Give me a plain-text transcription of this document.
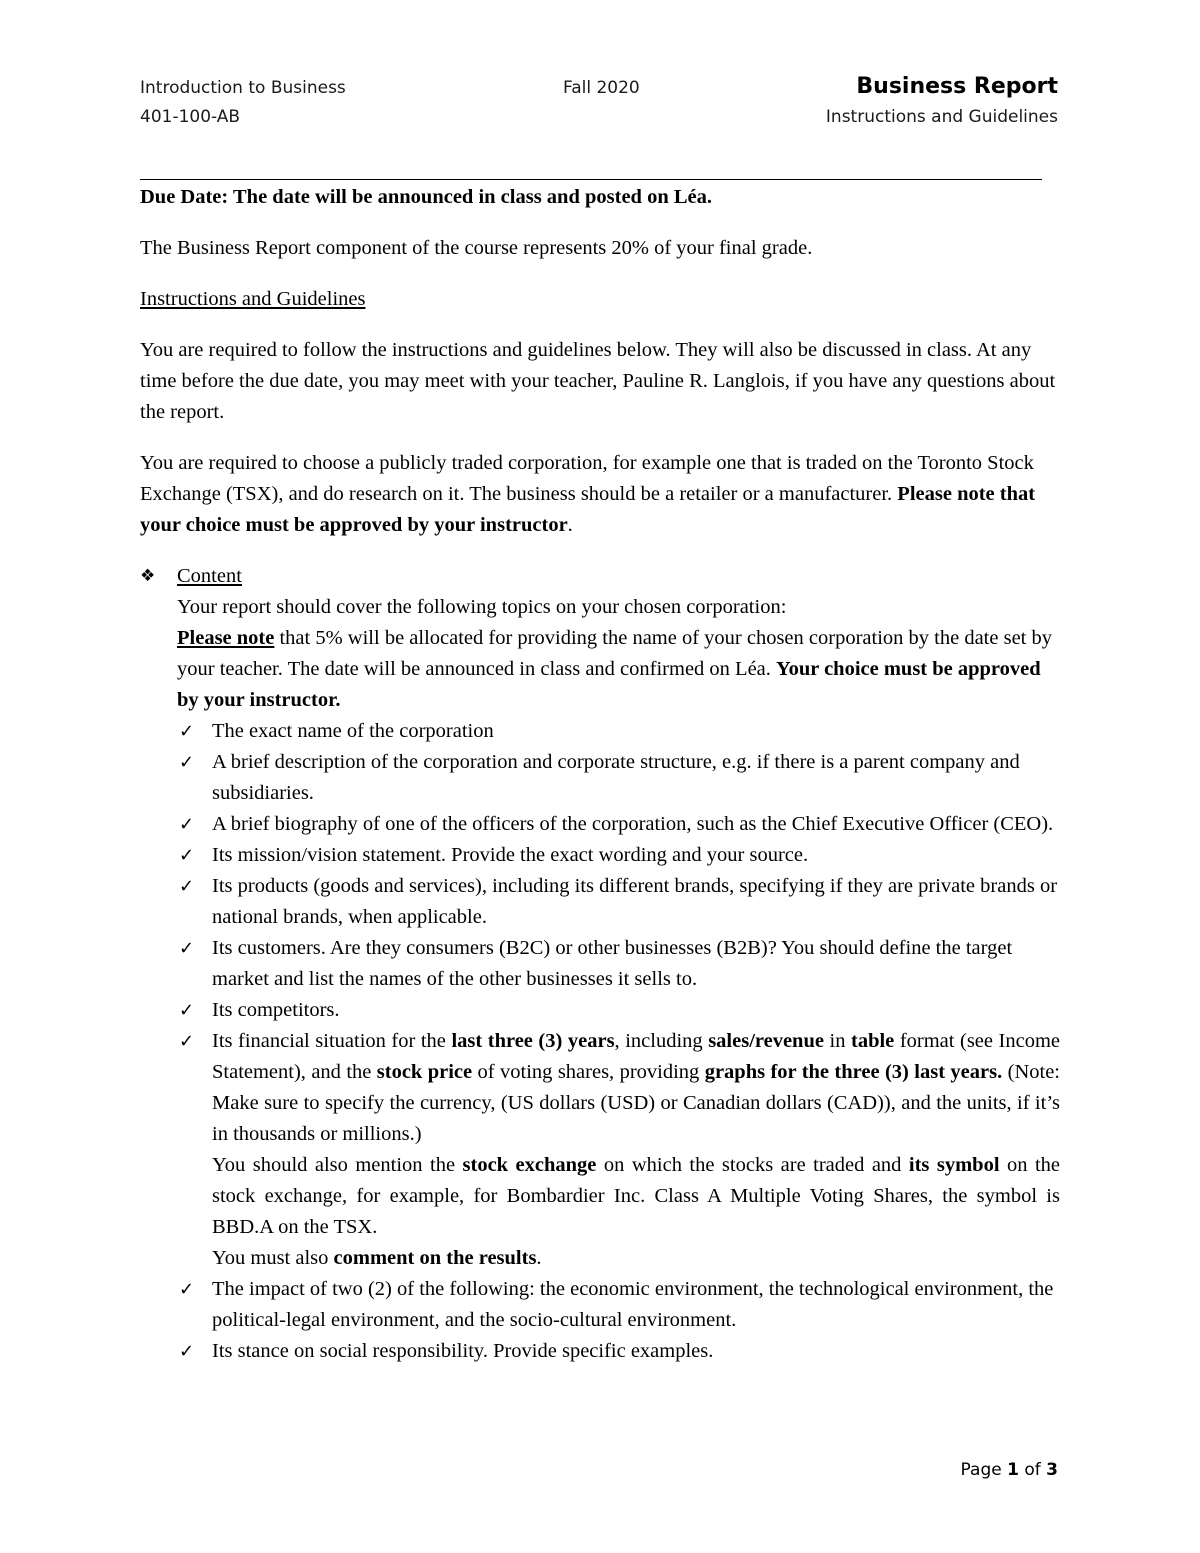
Introduction to Business
401-100-AB
Fall 2020	Business Report
Instructions and Guidelines

Due Date: The date will be announced in class and posted on Léa.

The Business Report component of the course represents 20% of your final grade.

Instructions and Guidelines

You are required to follow the instructions and guidelines below. They will also be discussed in class. At any time before the due date, you may meet with your teacher, Pauline R. Langlois, if you have any questions about the report.

You are required to choose a publicly traded corporation, for example one that is traded on the Toronto Stock Exchange (TSX), and do research on it. The business should be a retailer or a manufacturer. Please note that your choice must be approved by your instructor.

❖	Content
Your report should cover the following topics on your chosen corporation:
Please note that 5% will be allocated for providing the name of your chosen corporation by the date set by your teacher. The date will be announced in class and confirmed on Léa. Your choice must be approved by your instructor.
✓ The exact name of the corporation
✓ A brief description of the corporation and corporate structure, e.g. if there is a parent company and subsidiaries.
✓ A brief biography of one of the officers of the corporation, such as the Chief Executive Officer (CEO).
✓ Its mission/vision statement. Provide the exact wording and your source.
✓ Its products (goods and services), including its different brands, specifying if they are private brands or national brands, when applicable.
✓ Its customers. Are they consumers (B2C) or other businesses (B2B)? You should define the target market and list the names of the other businesses it sells to.
✓ Its competitors.
✓ Its financial situation for the last three (3) years, including sales/revenue in table format (see Income Statement), and the stock price of voting shares, providing graphs for the three (3) last years. (Note: Make sure to specify the currency, (US dollars (USD) or Canadian dollars (CAD)), and the units, if it’s in thousands or millions.)
You should also mention the stock exchange on which the stocks are traded and its symbol on the stock exchange, for example, for Bombardier Inc. Class A Multiple Voting Shares, the symbol is BBD.A on the TSX.
You must also comment on the results.
✓ The impact of two (2) of the following: the economic environment, the technological environment, the political-legal environment, and the socio-cultural environment.
✓ Its stance on social responsibility. Provide specific examples.
Page 1 of 3
